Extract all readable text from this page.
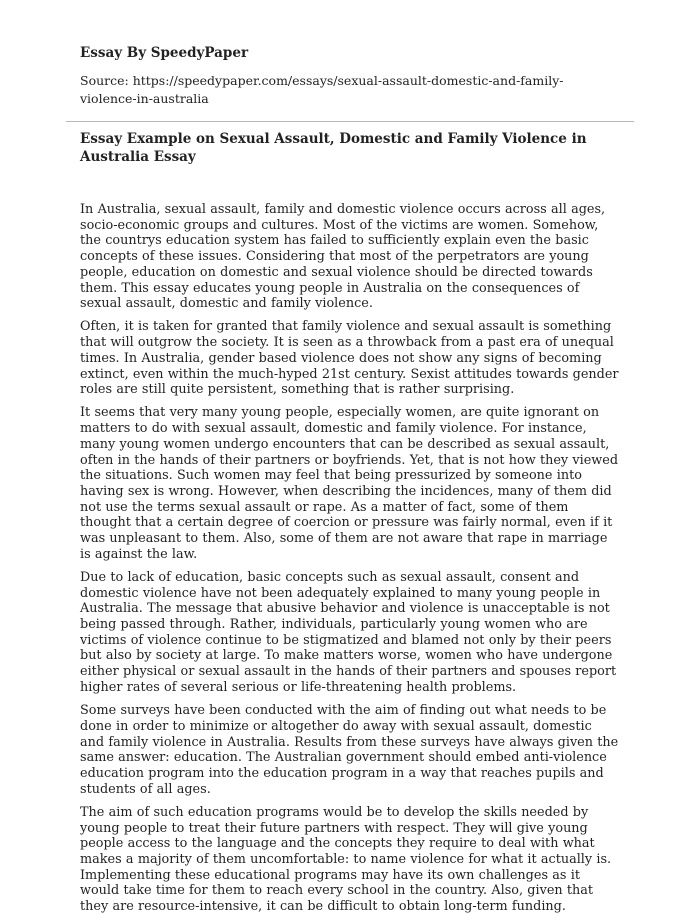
Essay By SpeedyPaper

Source: https://speedypaper.com/essays/sexual-assault-domestic-and-family-violence-in-australia

Essay Example on Sexual Assault, Domestic and Family Violence in Australia Essay

In Australia, sexual assault, family and domestic violence occurs across all ages, socio-economic groups and cultures. Most of the victims are women. Somehow, the countrys education system has failed to sufficiently explain even the basic concepts of these issues. Considering that most of the perpetrators are young people, education on domestic and sexual violence should be directed towards them. This essay educates young people in Australia on the consequences of sexual assault, domestic and family violence.

Often, it is taken for granted that family violence and sexual assault is something that will outgrow the society. It is seen as a throwback from a past era of unequal times. In Australia, gender based violence does not show any signs of becoming extinct, even within the much-hyped 21st century. Sexist attitudes towards gender roles are still quite persistent, something that is rather surprising.

It seems that very many young people, especially women, are quite ignorant on matters to do with sexual assault, domestic and family violence. For instance, many young women undergo encounters that can be described as sexual assault, often in the hands of their partners or boyfriends. Yet, that is not how they viewed the situations. Such women may feel that being pressurized by someone into having sex is wrong. However, when describing the incidences, many of them did not use the terms sexual assault or rape. As a matter of fact, some of them thought that a certain degree of coercion or pressure was fairly normal, even if it was unpleasant to them. Also, some of them are not aware that rape in marriage is against the law.

Due to lack of education, basic concepts such as sexual assault, consent and domestic violence have not been adequately explained to many young people in Australia. The message that abusive behavior and violence is unacceptable is not being passed through. Rather, individuals, particularly young women who are victims of violence continue to be stigmatized and blamed not only by their peers but also by society at large. To make matters worse, women who have undergone either physical or sexual assault in the hands of their partners and spouses report higher rates of several serious or life-threatening health problems.

Some surveys have been conducted with the aim of finding out what needs to be done in order to minimize or altogether do away with sexual assault, domestic and family violence in Australia. Results from these surveys have always given the same answer: education. The Australian government should embed anti-violence education program into the education program in a way that reaches pupils and students of all ages.

The aim of such education programs would be to develop the skills needed by young people to treat their future partners with respect. They will give young people access to the language and the concepts they require to deal with what makes a majority of them uncomfortable: to name violence for what it actually is. Implementing these educational programs may have its own challenges as it would take time for them to reach every school in the country. Also, given that they are resource-intensive, it can be difficult to obtain long-term funding.
